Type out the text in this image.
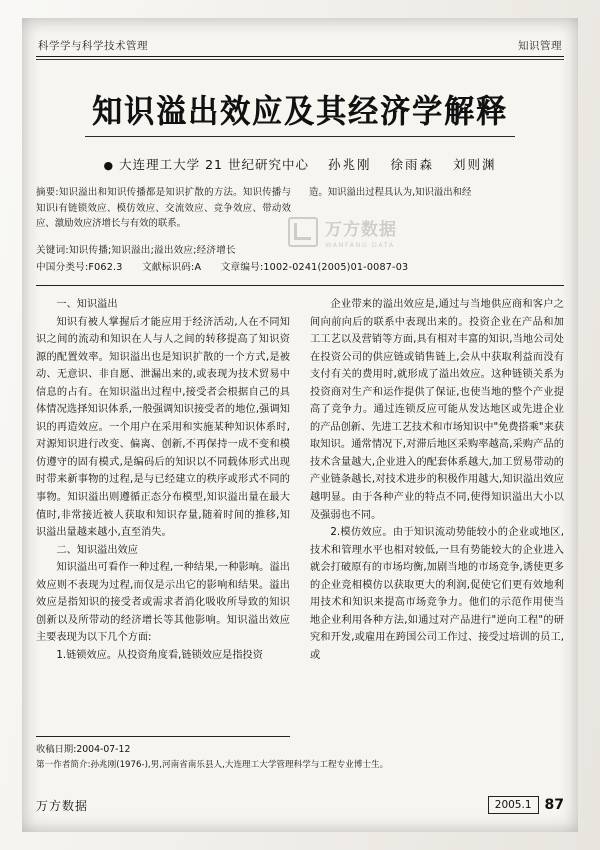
科学学与科学技术管理	知识管理
知识溢出效应及其经济学解释
● 大连理工大学 21 世纪研究中心 孙兆刚 徐雨森 刘则渊

摘要:知识溢出和知识传播都是知识扩散的方法。知识传播与知识i有链锁效应、模仿效应、交流效应、竞争效应、带动效应、激励效应济增长与有效的联系。

造。知识溢出过程具认为,知识溢出和经

关键词:知识传播;知识溢出;溢出效应;经济增长
中国分类号:F062.3 文献标识码:A 文章编号:1002-0241(2005)01-0087-03

一、知识溢出

知识有被人掌握后才能应用于经济活动,人在不同知识之间的流动和知识在人与人之间的转移提高了知识资源的配置效率。知识溢出也是知识扩散的一个方式,是被动、无意识、非自愿、泄漏出来的,或表现为技术贸易中信息的占有。在知识溢出过程中,接受者会根据自己的具体情况选择知识体系,一般强调知识接受者的地位,强调知识的再造效应。一个用户在采用和实施某种知识体系时,对源知识进行改变、偏离、创新,不再保持一成不变和模仿遵守的固有模式,是编码后的知识以不同载体形式出现时带来新事物的过程,是与已经建立的秩序或形式不同的事物。知识溢出则遵循正态分布模型,知识溢出量在最大值时,非常接近被人获取和知识存量,随着时间的推移,知识溢出量越来越小,直至消失。

二、知识溢出效应

知识溢出可看作一种过程,一种结果,一种影响。溢出效应则不表现为过程,而仅是示出它的影响和结果。溢出效应是指知识的接受者或需求者消化吸收所导致的知识创新以及所带动的经济增长等其他影响。知识溢出效应主要表现为以下几个方面:

1.链锁效应。从投资角度看,链锁效应是指投资

企业带来的溢出效应是,通过与当地供应商和客户之间向前向后的联系中表现出来的。投资企业在产品和加工工艺以及营销等方面,具有相对丰富的知识,当地公司处在投资公司的供应链或销售链上,会从中获取利益而没有支付有关的费用时,就形成了溢出效应。这种链锁关系为投资商对生产和运作提供了保证,也使当地的整个产业提高了竞争力。通过连锁反应可能从发达地区或先进企业的产品创新、先进工艺技术和市场知识中"免费搭乘"来获取知识。通常情况下,对滞后地区采购率越高,采购产品的技术含量越大,企业进入的配套体系越大,加工贸易带动的产业链条越长,对技术进步的积极作用越大,知识溢出效应越明显。由于各种产业的特点不同,使得知识溢出大小以及强弱也不同。

2.模仿效应。由于知识流动势能较小的企业或地区,技术和管理水平也相对较低,一旦有势能较大的企业进入就会打破原有的市场均衡,加剧当地的市场竞争,诱使更多的企业竞相模仿以获取更大的利润,促使它们更有效地利用技术和知识来提高市场竞争力。他们的示范作用使当地企业利用各种方法,如通过对产品进行"逆向工程"的研究和开发,或雇用在跨国公司工作过、接受过培训的员工,或

收稿日期:2004-07-12
第一作者简介:孙兆刚(1976-),男,河南省南乐县人,大连理工大学管理科学与工程专业博士生。
万方数据	2005.1 87
万方数据
WANFANG DATA
